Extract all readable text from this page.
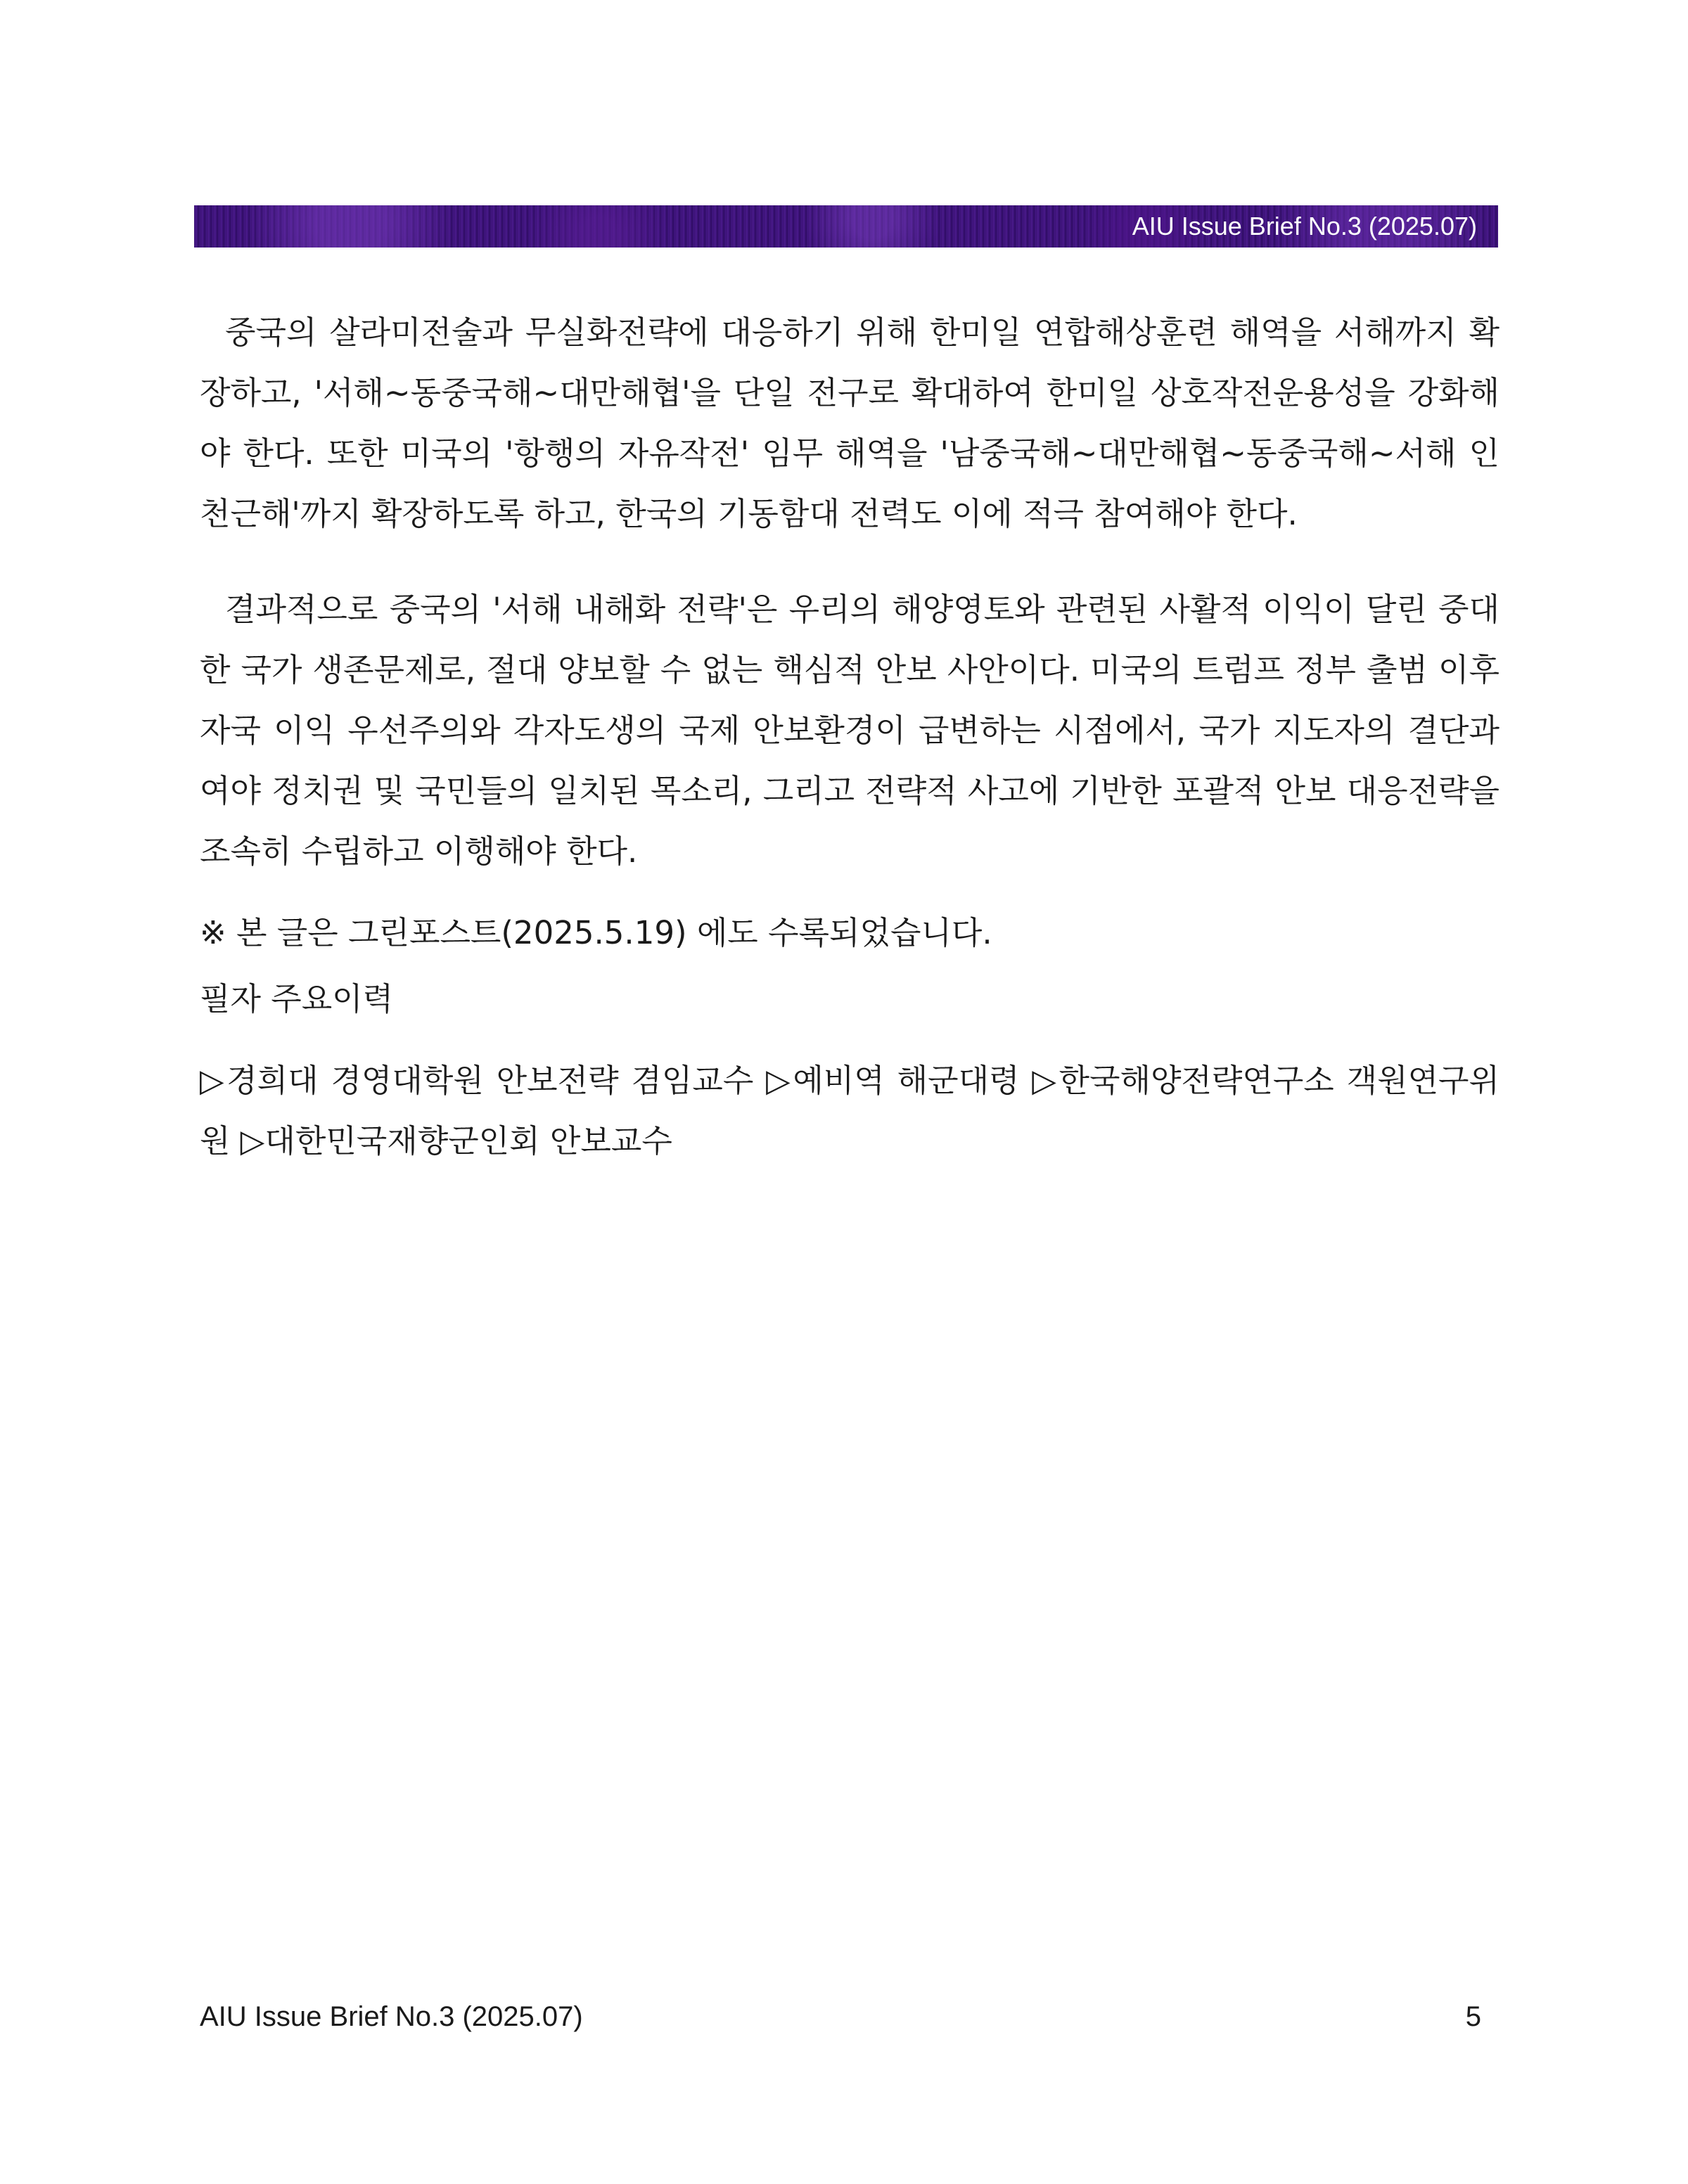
AIU Issue Brief No.3 (2025.07)

중국의 살라미전술과 무실화전략에 대응하기 위해 한미일 연합해상훈련 해역을 서해까지 확장하고, '서해~동중국해~대만해협'을 단일 전구로 확대하여 한미일 상호작전운용성을 강화해야 한다. 또한 미국의 '항행의 자유작전' 임무 해역을 '남중국해~대만해협~동중국해~서해 인천근해'까지 확장하도록 하고, 한국의 기동함대 전력도 이에 적극 참여해야 한다.

결과적으로 중국의 '서해 내해화 전략'은 우리의 해양영토와 관련된 사활적 이익이 달린 중대한 국가 생존문제로, 절대 양보할 수 없는 핵심적 안보 사안이다. 미국의 트럼프 정부 출범 이후 자국 이익 우선주의와 각자도생의 국제 안보환경이 급변하는 시점에서, 국가 지도자의 결단과 여야 정치권 및 국민들의 일치된 목소리, 그리고 전략적 사고에 기반한 포괄적 안보 대응전략을 조속히 수립하고 이행해야 한다.

※ 본 글은 그린포스트(2025.5.19) 에도 수록되었습니다.

필자 주요이력

▷경희대 경영대학원 안보전략 겸임교수 ▷예비역 해군대령 ▷한국해양전략연구소 객원연구위원 ▷대한민국재향군인회 안보교수

AIU Issue Brief No.3 (2025.07)	5
